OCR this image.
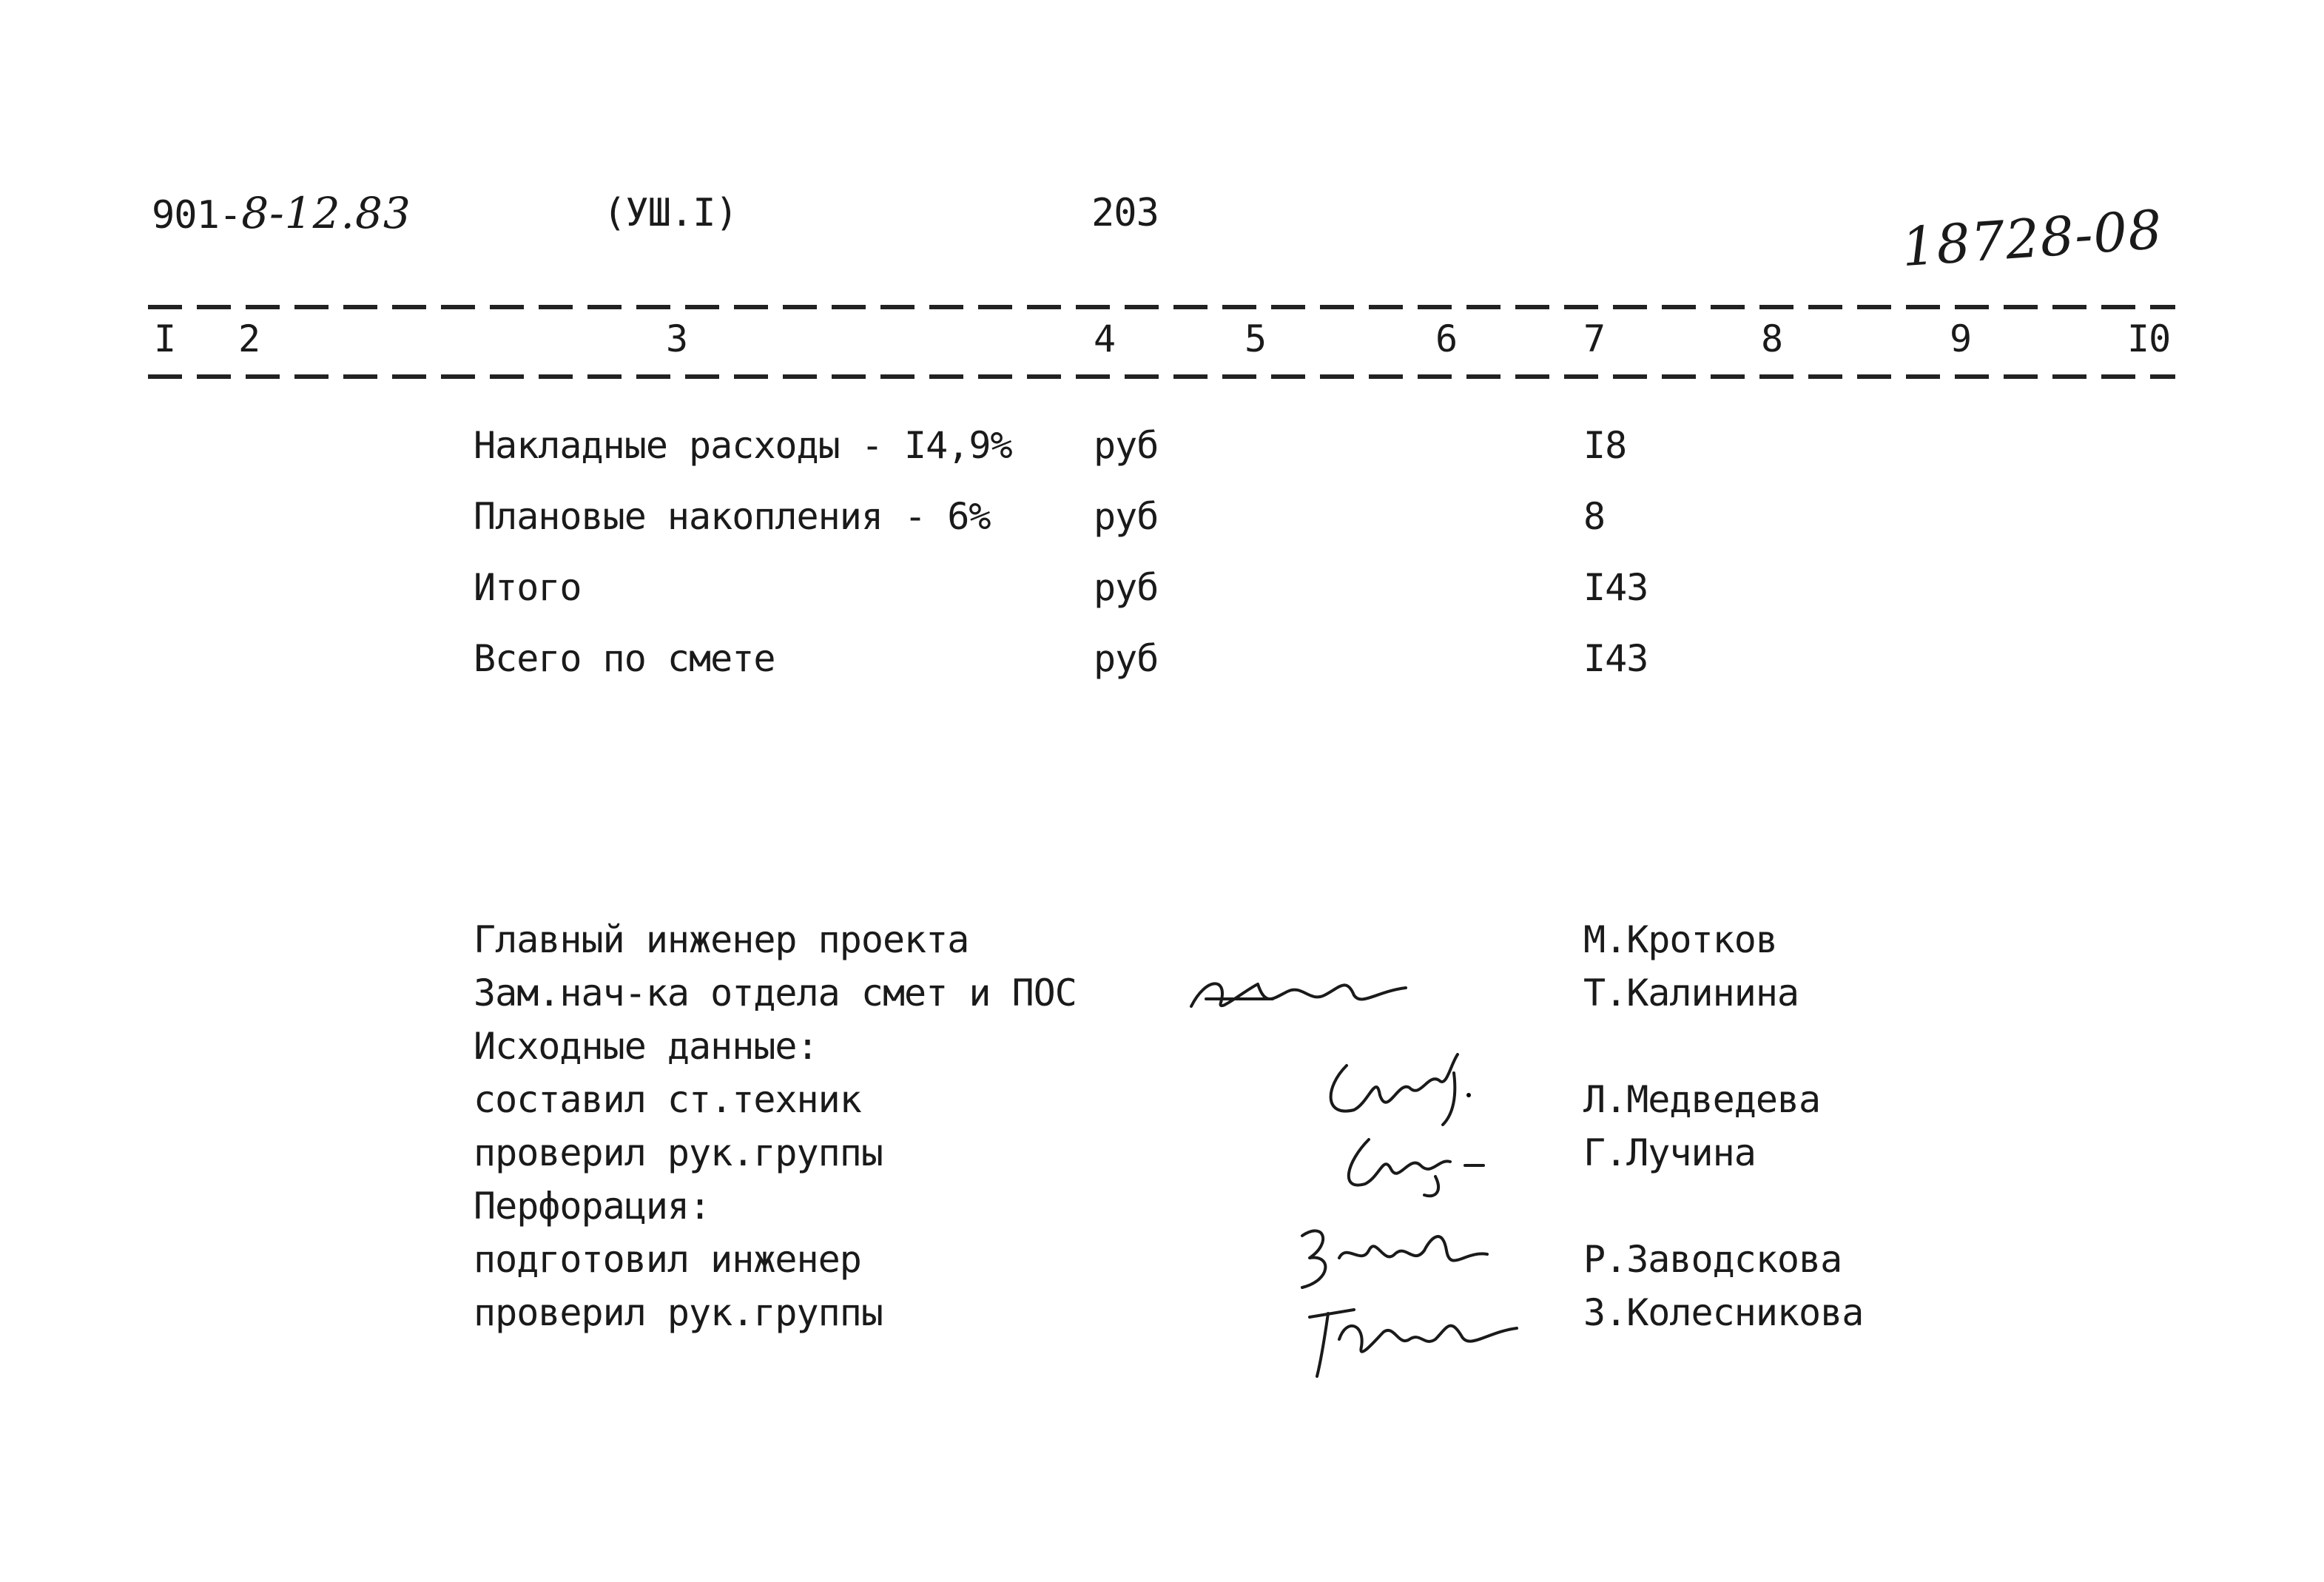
901-8-12.83	(УШ.I)	203	18728-08
I 2	3	4	5	6	7	8	9	I0
Накладные расходы - I4,9% руб	I8
Плановые накопления - 6%	руб	8
Итого	руб	I43
Всего по смете	руб	I43
Главный инженер проекта	М.Кротков
Зам.нач-ка отдела смет и ПОС	Т.Калинина
Исходные данные:
составил ст.техник	Л.Медведева
проверил рук.группы	Г.Лучина
Перфорация:
подготовил инженер	Р.Заводскова
проверил рук.группы	З.Колесникова
